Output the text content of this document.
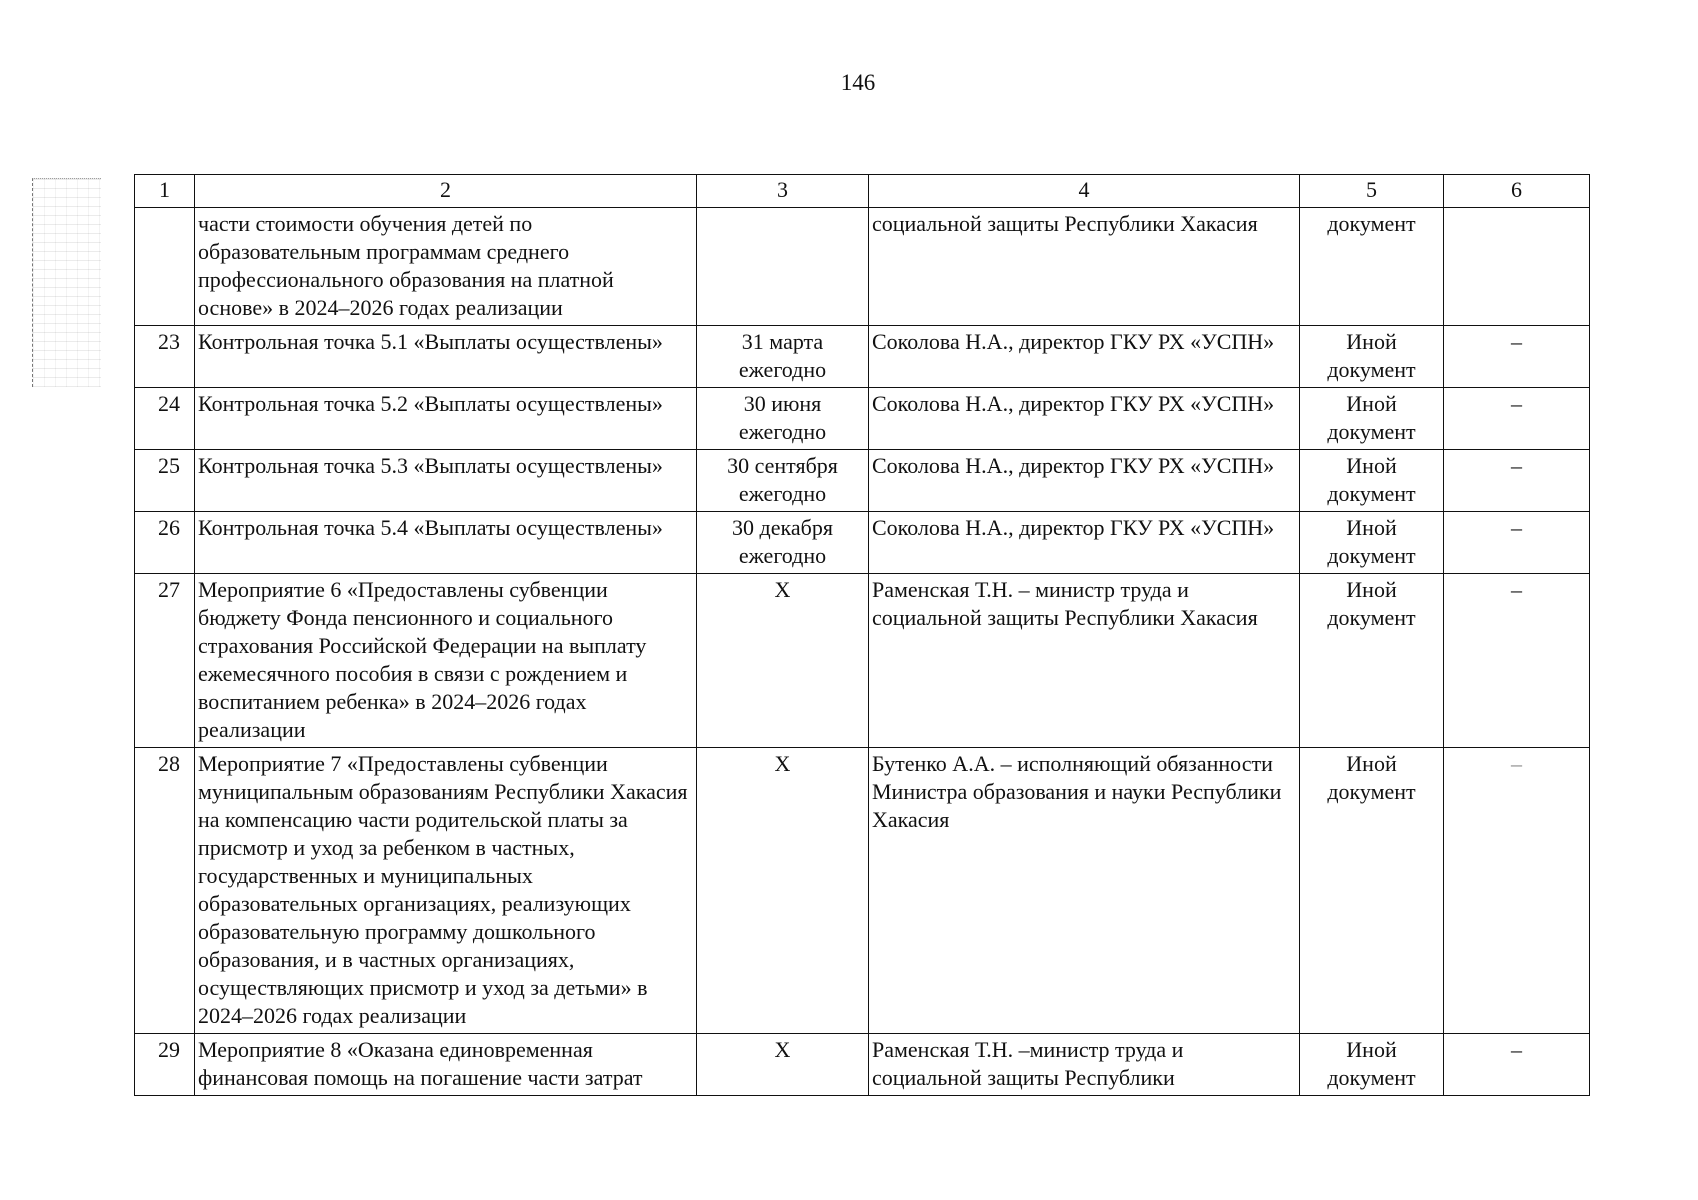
146
1	2	3	4	5	6
	части стоимости обучения детей по образовательным программам среднего профессионального образования на платной основе» в 2024–2026 годах реализации		социальной защиты Республики Хакасия	документ	
23	Контрольная точка 5.1 «Выплаты осуществлены»	31 марта ежегодно	Соколова Н.А., директор ГКУ РХ «УСПН»	Иной документ	–
24	Контрольная точка 5.2 «Выплаты осуществлены»	30 июня ежегодно	Соколова Н.А., директор ГКУ РХ «УСПН»	Иной документ	–
25	Контрольная точка 5.3 «Выплаты осуществлены»	30 сентября ежегодно	Соколова Н.А., директор ГКУ РХ «УСПН»	Иной документ	–
26	Контрольная точка 5.4 «Выплаты осуществлены»	30 декабря ежегодно	Соколова Н.А., директор ГКУ РХ «УСПН»	Иной документ	–
27	Мероприятие 6 «Предоставлены субвенции бюджету Фонда пенсионного и социального страхования Российской Федерации на выплату ежемесячного пособия в связи с рождением и воспитанием ребенка» в 2024–2026 годах реализации	Х	Раменская Т.Н. – министр труда и социальной защиты Республики Хакасия	Иной документ	–
28	Мероприятие 7 «Предоставлены субвенции муниципальным образованиям Республики Хакасия на компенсацию части родительской платы за присмотр и уход за ребенком в частных, государственных и муниципальных образовательных организациях, реализующих образовательную программу дошкольного образования, и в частных организациях, осуществляющих присмотр и уход за детьми» в 2024–2026 годах реализации	Х	Бутенко А.А. – исполняющий обязанности Министра образования и науки Республики Хакасия	Иной документ	–
29	Мероприятие 8 «Оказана единовременная финансовая помощь на погашение части затрат	Х	Раменская Т.Н. –министр труда и социальной защиты Республики	Иной документ	–
